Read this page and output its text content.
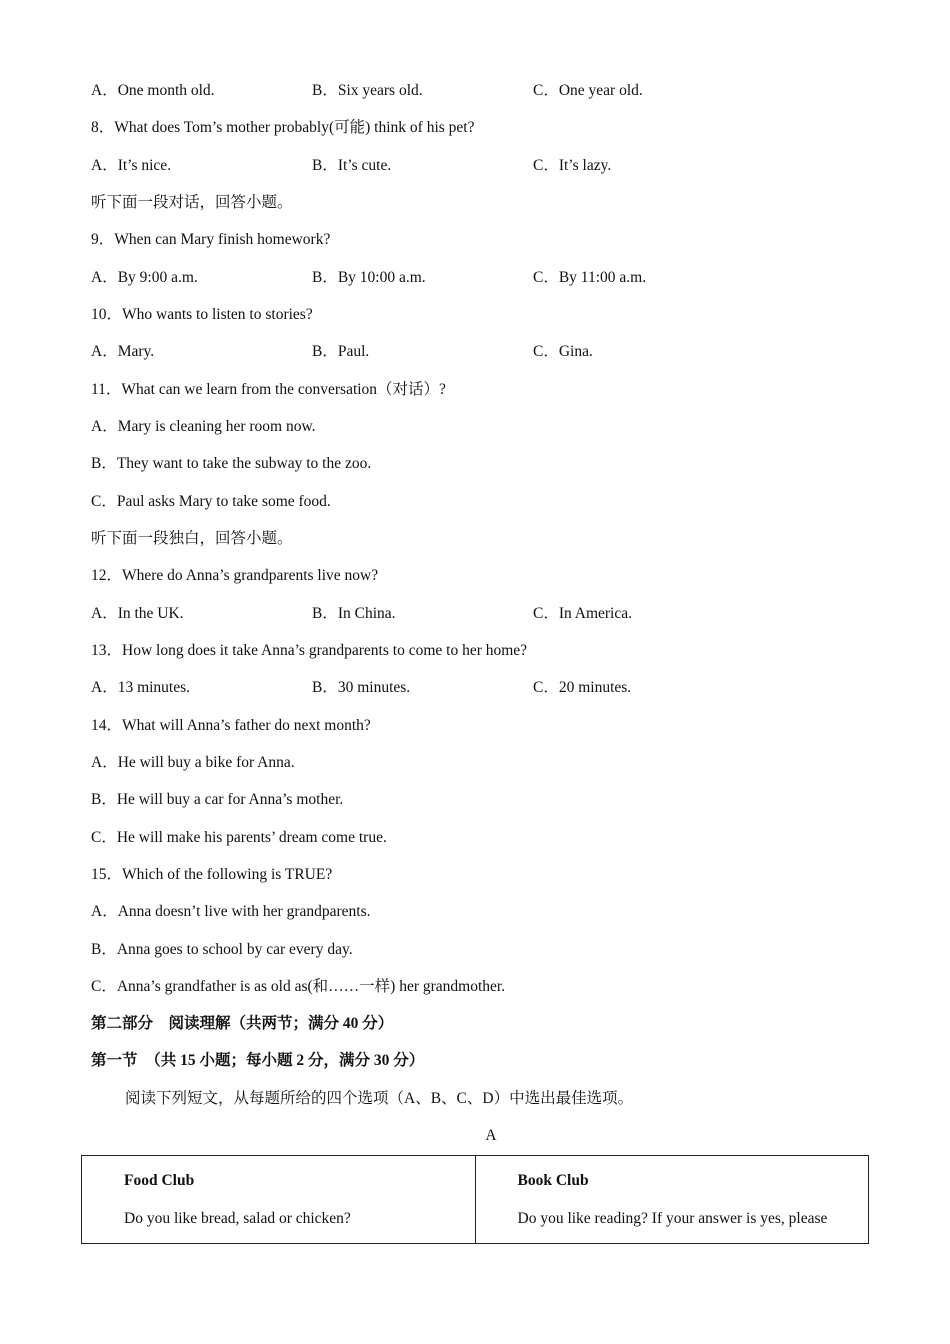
A．One month old.	B．Six years old.	C．One year old.
8．What does Tom’s mother probably(可能) think of his pet?
A．It’s nice.	B．It’s cute.	C．It’s lazy.
听下面一段对话，回答小题。
9．When can Mary finish homework?
A．By 9:00 a.m.	B．By 10:00 a.m.	C．By 11:00 a.m.
10．Who wants to listen to stories?
A．Mary.	B．Paul.	C．Gina.
11．What can we learn from the conversation（对话）?
A．Mary is cleaning her room now.
B．They want to take the subway to the zoo.
C．Paul asks Mary to take some food.
听下面一段独白，回答小题。
12．Where do Anna’s grandparents live now?
A．In the UK.	B．In China.	C．In America.
13．How long does it take Anna’s grandparents to come to her home?
A．13 minutes.	B．30 minutes.	C．20 minutes.
14．What will Anna’s father do next month?
A．He will buy a bike for Anna.
B．He will buy a car for Anna’s mother.
C．He will make his parents’ dream come true.
15．Which of the following is TRUE?
A．Anna doesn’t live with her grandparents.
B．Anna goes to school by car every day.
C．Anna’s grandfather is as old as(和……一样) her grandmother.
第二部分　阅读理解（共两节；满分 40 分）
第一节　（共 15 小题；每小题 2 分，满分 30 分）
阅读下列短文，从每题所给的四个选项（A、B、C、D）中选出最佳选项。
A
Food Club
Do you like bread, salad or chicken?

Book Club
Do you like reading? If your answer is yes, please
